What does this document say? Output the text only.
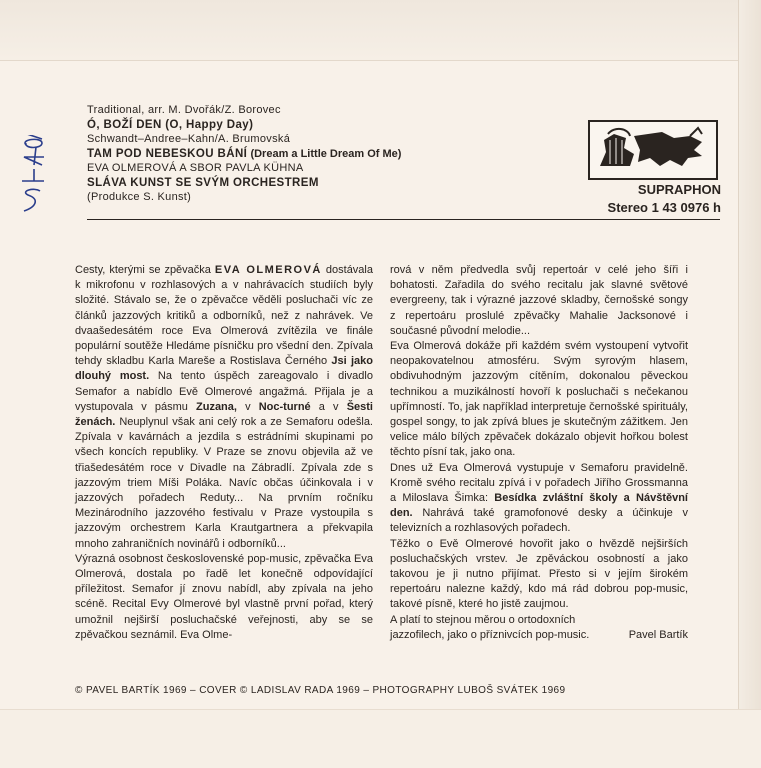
Traditional, arr. M. Dvořák/Z. Borovec
Ó, BOŽÍ DEN (O, Happy Day)
Schwandt–Andree–Kahn/A. Brumovská
TAM POD NEBESKOU BÁNÍ (Dream a Little Dream Of Me)
EVA OLMEROVÁ A SBOR PAVLA KÜHNA
SLÁVA KUNST SE SVÝM ORCHESTREM
(Produkce S. Kunst)	SUPRAPHON
Stereo 1 43 0976 h

Cesty, kterými se zpěvačka EVA OLMEROVÁ dostávala k mikrofonu v rozhlasových a v nahrávacích studiích byly složité. Stávalo se, že o zpěvačce věděli posluchači víc ze článků jazzových kritiků a odborníků, než z nahrávek. Ve dvaašedesátém roce Eva Olmerová zvítězila ve finále populární soutěže Hledáme písničku pro všední den. Zpívala tehdy skladbu Karla Mareše a Rostislava Černého Jsi jako dlouhý most. Na tento úspěch zareagovalo i divadlo Semafor a nabídlo Evě Olmerové angažmá. Přijala je a vystupovala v pásmu Zuzana, v Noc-turné a v Šesti ženách. Neuplynul však ani celý rok a ze Semaforu odešla. Zpívala v kavárnách a jezdila s estrádními skupinami po všech koncích republiky. V Praze se znovu objevila až ve třiašedesátém roce v Divadle na Zábradlí. Zpívala zde s jazzovým triem Míši Poláka. Navíc občas účinkovala i v jazzových pořadech Reduty... Na prvním ročníku Mezinárodního jazzového festivalu v Praze vystoupila s jazzovým orchestrem Karla Krautgartnera a překvapila mnoho zahraničních novinářů i odborníků...

Výrazná osobnost československé pop-music, zpěvačka Eva Olmerová, dostala po řadě let konečně odpovídající příležitost. Semafor jí znovu nabídl, aby zpívala na jeho scéně. Recital Evy Olmerové byl vlastně první pořad, který umožnil nejširší posluchačské veřejnosti, aby se se zpěvačkou seznámil. Eva Olme-

rová v něm předvedla svůj repertoár v celé jeho šíři i bohatosti. Zařadila do svého recitalu jak slavné světové evergreeny, tak i výrazné jazzové skladby, černošské songy z repertoáru proslulé zpěvačky Mahalie Jacksonové i současné původní melodie...

Eva Olmerová dokáže při každém svém vystoupení vytvořit neopakovatelnou atmosféru. Svým syrovým hlasem, obdivuhodným jazzovým cítěním, dokonalou pěveckou technikou a muzikálností hovoří k posluchači s nečekanou upřímností. To, jak například interpretuje černošské spirituály, gospel songy, to jak zpívá blues je skutečným zážitkem. Jen velice málo bílých zpěvaček dokázalo objevit hořkou bolest těchto písní tak, jako ona.

Dnes už Eva Olmerová vystupuje v Semaforu pravidelně. Kromě svého recitalu zpívá i v pořadech Jiřího Grossmanna a Miloslava Šimka: Besídka zvláštní školy a Návštěvní den. Nahrává také gramofonové desky a účinkuje v televizních a rozhlasových pořadech.

Těžko o Evě Olmerové hovořit jako o hvězdě nejširších posluchačských vrstev. Je zpěváckou osobností a jako takovou je ji nutno přijímat. Přesto si v jejím širokém repertoáru nalezne každý, kdo má rád dobrou pop-music, takové písně, které ho jistě zaujmou.

A platí to stejnou měrou o ortodoxních jazzofilech, jako o příznivcích pop-music.	Pavel Bartík

© PAVEL BARTÍK 1969 – COVER © LADISLAV RADA 1969 – PHOTOGRAPHY LUBOŠ SVÁTEK 1969
